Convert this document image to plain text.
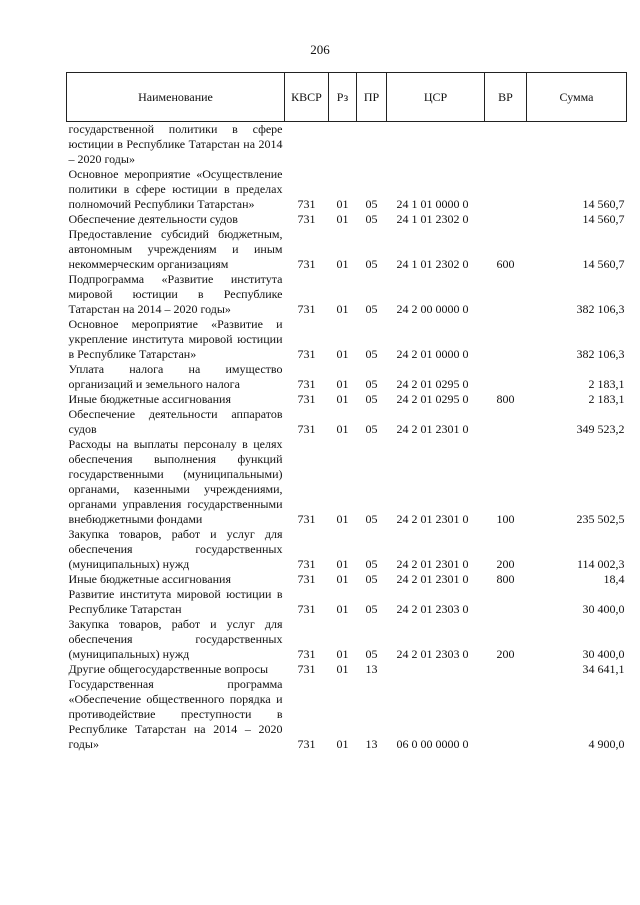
206
Наименование	КВСР	Рз	ПР	ЦСР	ВР	Сумма
государственной политики в сфере юстиции в Республике Татарстан на 2014 – 2020 годы»						
Основное мероприятие «Осуществление политики в сфере юстиции в пределах полномочий Республики Татарстан»	731	01	05	24 1 01 0000 0		14 560,7
Обеспечение деятельности судов	731	01	05	24 1 01 2302 0		14 560,7
Предоставление субсидий бюджетным, автономным учреждениям и иным некоммерческим организациям	731	01	05	24 1 01 2302 0	600	14 560,7
Подпрограмма «Развитие института мировой юстиции в Республике Татарстан на 2014 – 2020 годы»	731	01	05	24 2 00 0000 0		382 106,3
Основное мероприятие «Развитие и укрепление института мировой юстиции в Республике Татарстан»	731	01	05	24 2 01 0000 0		382 106,3
Уплата налога на имущество организаций и земельного налога	731	01	05	24 2 01 0295 0		2 183,1
Иные бюджетные ассигнования	731	01	05	24 2 01 0295 0	800	2 183,1
Обеспечение деятельности аппаратов судов	731	01	05	24 2 01 2301 0		349 523,2
Расходы на выплаты персоналу в целях обеспечения выполнения функций государственными (муниципальными) органами, казенными учреждениями, органами управления государственными внебюджетными фондами	731	01	05	24 2 01 2301 0	100	235 502,5
Закупка товаров, работ и услуг для обеспечения государственных (муниципальных) нужд	731	01	05	24 2 01 2301 0	200	114 002,3
Иные бюджетные ассигнования	731	01	05	24 2 01 2301 0	800	18,4
Развитие института мировой юстиции в Республике Татарстан	731	01	05	24 2 01 2303 0		30 400,0
Закупка товаров, работ и услуг для обеспечения государственных (муниципальных) нужд	731	01	05	24 2 01 2303 0	200	30 400,0
Другие общегосударственные вопросы	731	01	13			34 641,1
Государственная программа «Обеспечение общественного порядка и противодействие преступности в Республике Татарстан на 2014 – 2020 годы»	731	01	13	06 0 00 0000 0		4 900,0
